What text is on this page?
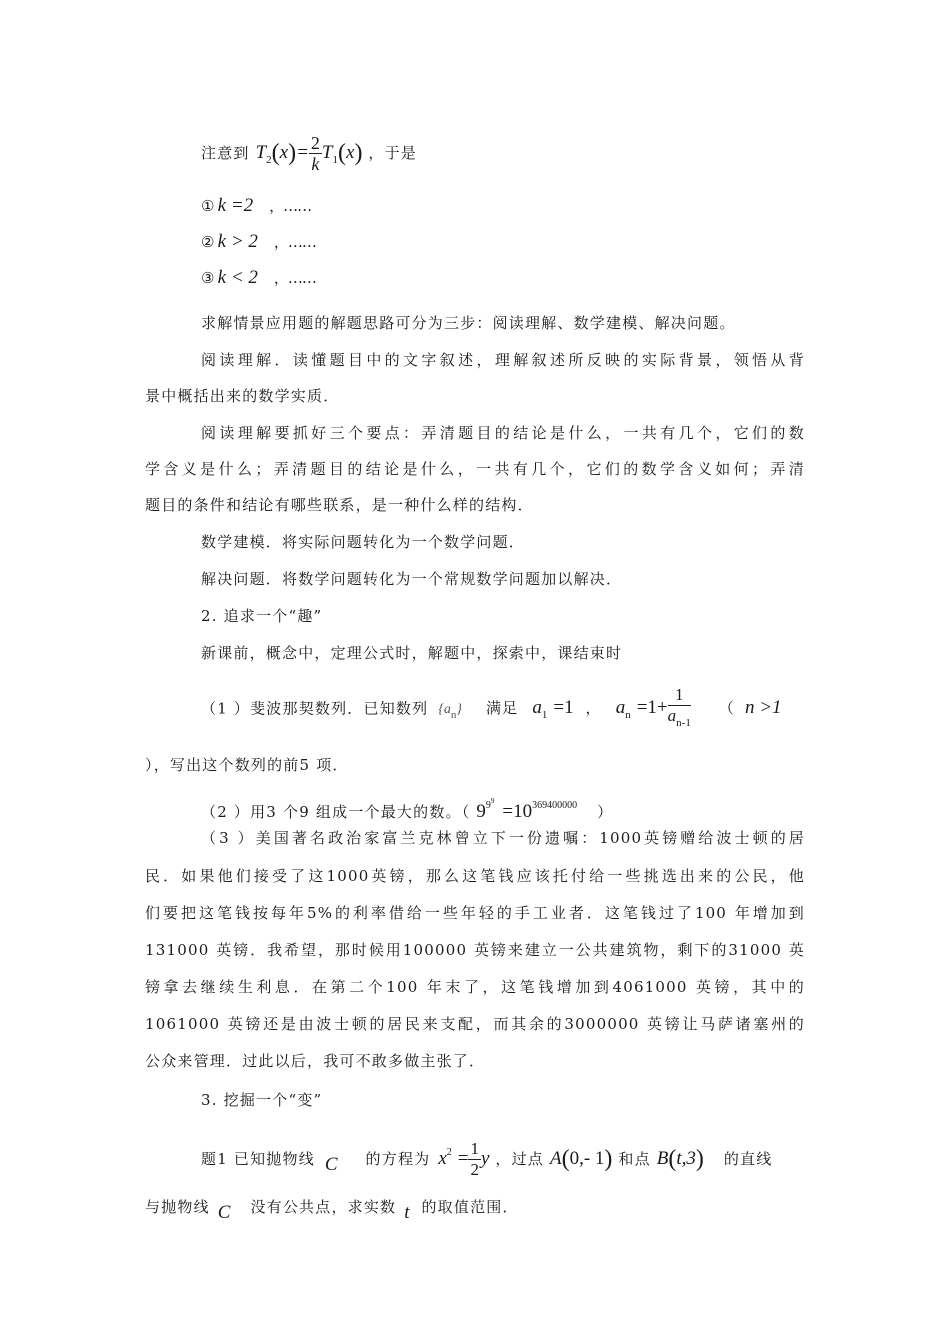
注意到 $T_2(x)= \frac{2}{k} T_1(x)$ ，于是
① k =2 ，……
② k > 2 ，……
③ k < 2 ，……
求解情景应用题的解题思路可分为三步：阅读理解、数学建模、解决问题。
阅读理解．读懂题目中的文字叙述，理解叙述所反映的实际背景，领悟从背
景中概括出来的数学实质．
阅读理解要抓好三个要点：弄清题目的结论是什么，一共有几个，它们的数
学含义是什么；弄清题目的结论是什么，一共有几个，它们的数学含义如何；弄清
题目的条件和结论有哪些联系，是一种什么样的结构．
数学建模．将实际问题转化为一个数学问题．
解决问题．将数学问题转化为一个常规数学问题加以解决．
2. 追求一个“趣”
新课前，概念中，定理公式时，解题中，探索中，课结束时
（1 ）斐波那契数列．已知数列 $\{a_n\}$ 满足 $a_1 =1$ ， $a_n =1+ \frac{1}{a_{n-1}}$ （ n >1
），写出这个数列的前5 项．
（2 ）用3 个9 组成一个最大的数。（ $9^{9^9} =10^{369400000}$ ）
（3 ）美国著名政治家富兰克林曾立下一份遗嘱：1000英镑赠给波士顿的居
民．如果他们接受了这1000英镑，那么这笔钱应该托付给一些挑选出来的公民，他
们要把这笔钱按每年5%的利率借给一些年轻的手工业者．这笔钱过了100 年增加到
131000 英镑．我希望，那时候用100000 英镑来建立一公共建筑物，剩下的31000 英
镑拿去继续生利息．在第二个100 年末了，这笔钱增加到4061000 英镑，其中的
1061000 英镑还是由波士顿的居民来支配，而其余的3000000 英镑让马萨诸塞州的
公众来管理．过此以后，我可不敢多做主张了．
3. 挖掘一个“变”
题1 已知抛物线 C 的方程为 $x^2 = \frac{1}{2}$ y ，过点 A(0,- 1) 和点 B(t,3) 的直线
与抛物线 C 没有公共点，求实数 t 的取值范围．
